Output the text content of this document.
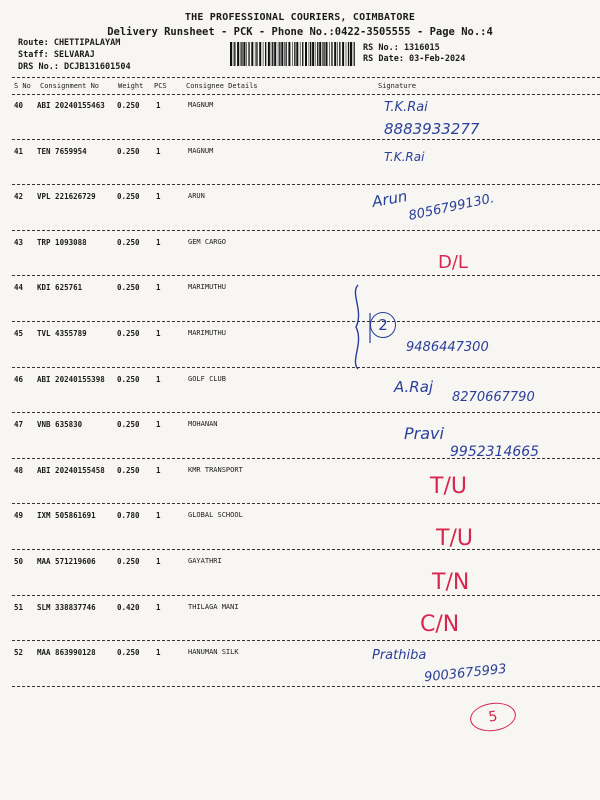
THE PROFESSIONAL COURIERS, COIMBATORE
Delivery Runsheet - PCK - Phone No.:0422-3505555 - Page No.:4
Route: CHETTIPALAYAM
Staff: SELVARAJ
DRS No.: DCJB131601504
RS No.: 1316015
RS Date: 03-Feb-2024
S No Consignment No	Weight PCS	Consignee Details	Signature
40 ABI 20240155463 0.250 1	MAGNUM	T.K.Rai
8883933277
41 TEN 7659954	0.250 1	MAGNUM	T.K.Rai
42 VPL 221626729	0.250 1	ARUN	Arun
8056799130.
43 TRP 1093088	0.250 1	GEM CARGO
D/L
44 KDI 625761	0.250 1	MARIMUTHU
45 TVL 4355789	0.250 1	MARIMUTHU
9486447300
46 ABI 20240155398 0.250 1	GOLF CLUB	A.Raj
8270667790
47 VNB 635830	0.250 1	MOHANAN	Pravi
9952314665
48 ABI 20240155458 0.250 1	KMR TRANSPORT
T/U
49 IXM 505861691	0.780 1	GLOBAL SCHOOL
T/U
50 MAA 571219606	0.250 1	GAYATHRI
T/N
51 SLM 338837746	0.420 1	THILAGA MANI
C/N
52 MAA 863990128	0.250 1	HANUMAN SILK	Prathiba
9003675993
2
5
